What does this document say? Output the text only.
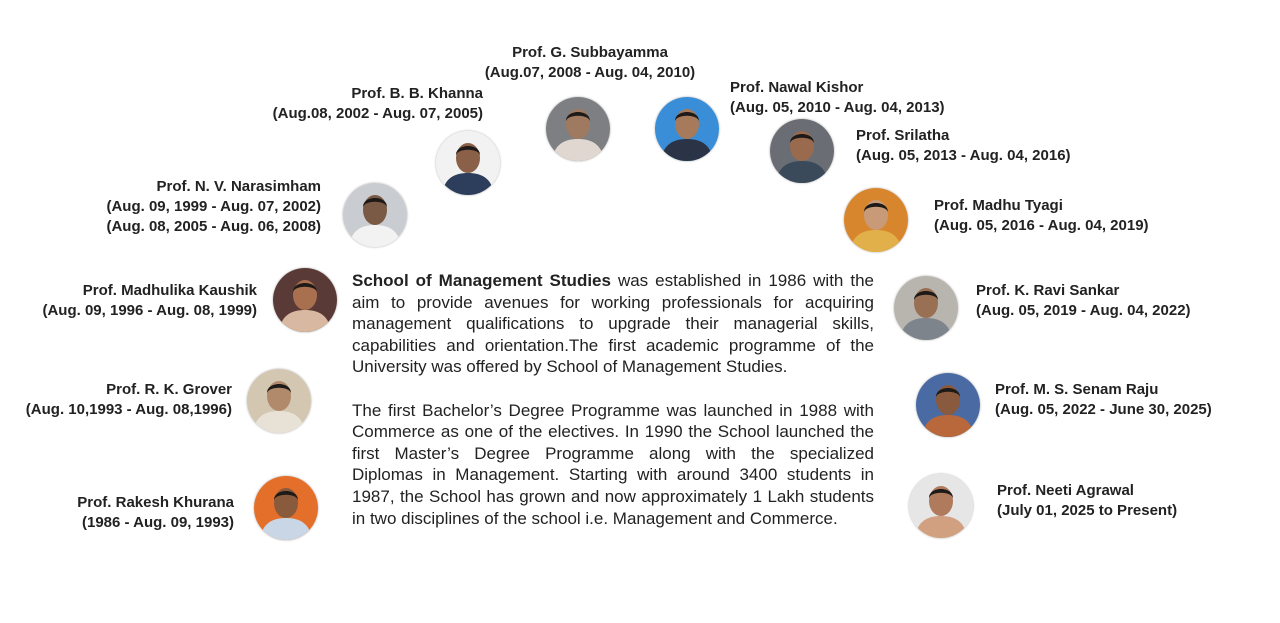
Prof. Rakesh Khurana
(1986 - Aug. 09, 1993)
Prof. R. K. Grover
(Aug. 10,1993 - Aug. 08,1996)
Prof. Madhulika Kaushik
(Aug. 09, 1996 - Aug. 08, 1999)
Prof. N. V. Narasimham
(Aug. 09, 1999 - Aug. 07, 2002)
(Aug. 08, 2005 - Aug. 06, 2008)
Prof. B. B. Khanna
(Aug.08, 2002 - Aug. 07, 2005)
Prof. G. Subbayamma
(Aug.07, 2008 - Aug. 04, 2010)
Prof. Nawal Kishor
(Aug. 05, 2010 - Aug. 04, 2013)
Prof. Srilatha
(Aug. 05, 2013 - Aug. 04, 2016)
Prof. Madhu Tyagi
(Aug. 05, 2016 - Aug. 04, 2019)
Prof. K. Ravi Sankar
(Aug. 05, 2019 - Aug. 04, 2022)
Prof. M. S. Senam Raju
(Aug. 05, 2022 - June 30, 2025)
Prof. Neeti Agrawal
(July 01, 2025 to Present)

School of Management Studies was established in 1986 with the aim to provide avenues for working professionals for acquiring management qualifications to upgrade their managerial skills, capabilities and orientation.The first academic programme of the University was offered by School of Management Studies.

The first Bachelor’s Degree Programme was launched in 1988 with Commerce as one of the electives. In 1990 the School launched the first Master’s Degree Programme along with the specialized Diplomas in Management. Starting with around 3400 students in 1987, the School has grown and now approximately 1 Lakh students in two disciplines of the school i.e. Management and Commerce.
